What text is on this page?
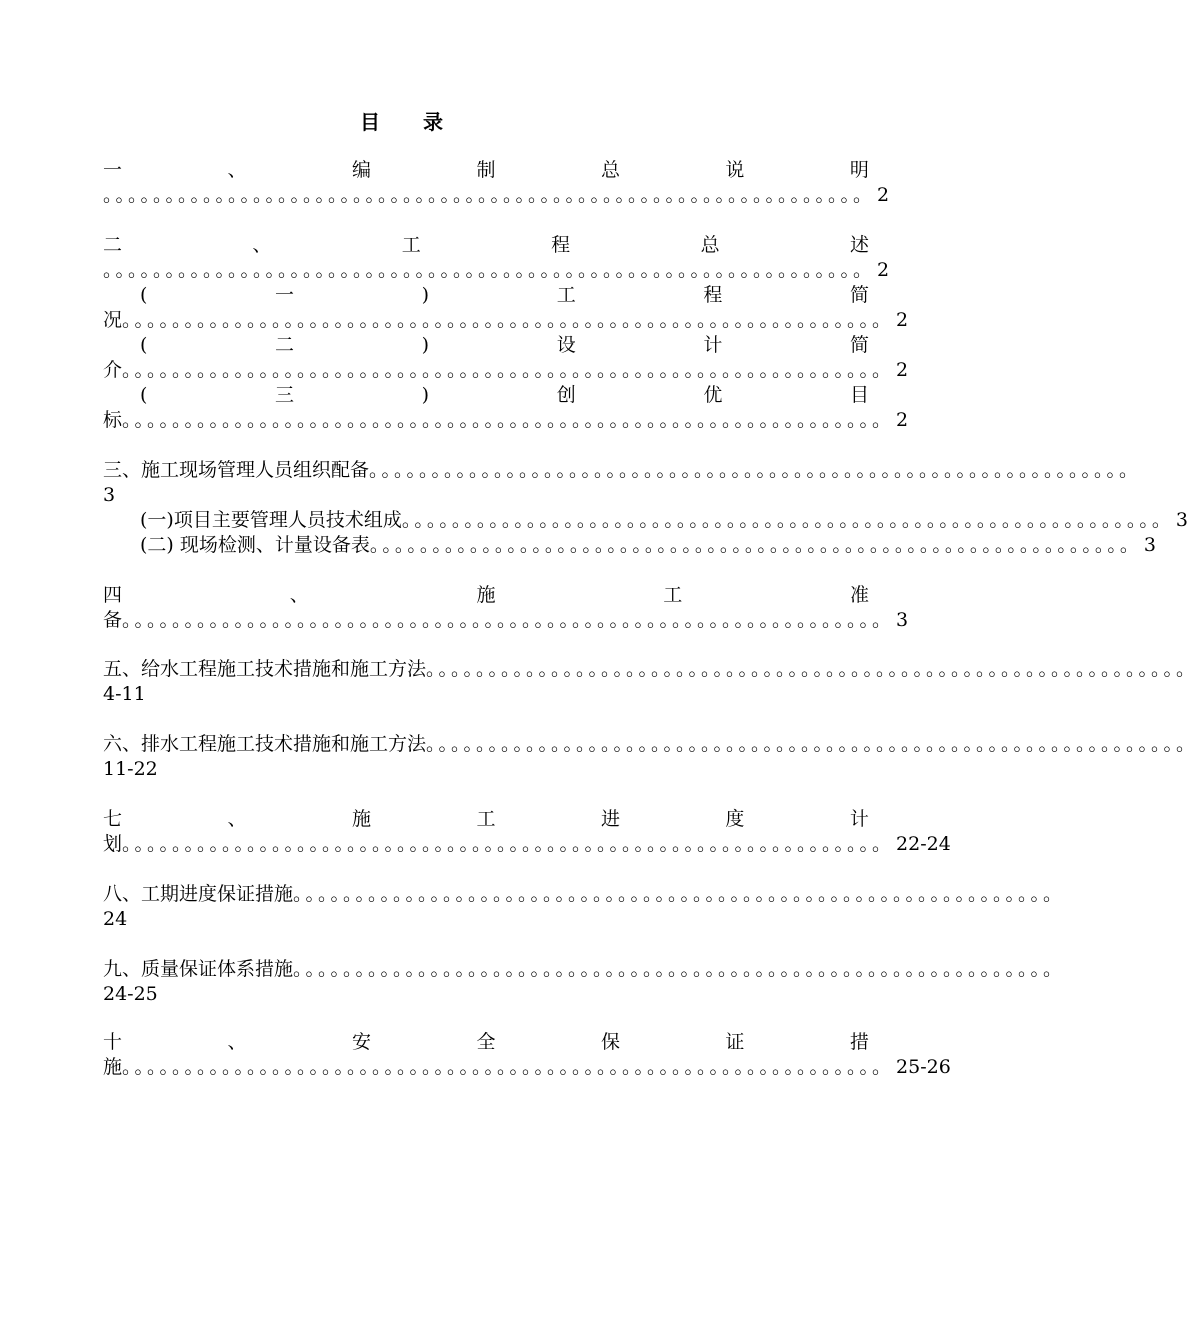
目 录
一	、	编	制	总	说	明
。。。。。。。。。。。。。。。。。。。。。。。。。。。。。。。。。。。。。。。。。。。。。。。。。。。。。。。。。。。。。 2
二	、	工	程	总	述
。。。。。。。。。。。。。。。。。。。。。。。。。。。。。。。。。。。。。。。。。。。。。。。。。。。。。。。。。。。。。 2
(	一	)	工	程	简
况 。。。。。。。。。。。。。。。。。。。。。。。。。。。。。。。。。。。。。。。。。。。。。。。。。。。。。。。。。。。。。 2
(	二	)	设	计	简
介 。。。。。。。。。。。。。。。。。。。。。。。。。。。。。。。。。。。。。。。。。。。。。。。。。。。。。。。。。。。。。 2
(	三	)	创	优	目
标 。。。。。。。。。。。。。。。。。。。。。。。。。。。。。。。。。。。。。。。。。。。。。。。。。。。。。。。。。。。。。 2
三、施工现场管理人员组织配备 。。。。。。。。。。。。。。。。。。。。。。。。。。。。。。。。。。。。。。。。。。。。。。。。。。。。。。。。。。。。。
3
(一)项目主要管理人员技术组成 。。。。。。。。。。。。。。。。。。。。。。。。。。。。。。。。。。。。。。。。。。。。。。。。。。。。。。。。。。。。。 3
(二) 现场检测、计量设备表 。。。。。。。。。。。。。。。。。。。。。。。。。。。。。。。。。。。。。。。。。。。。。。。。。。。。。。。。。。。。。 3
四	、	施	工	准
备 。。。。。。。。。。。。。。。。。。。。。。。。。。。。。。。。。。。。。。。。。。。。。。。。。。。。。。。。。。。。。 3
五、给水工程施工技术措施和施工方法 。。。。。。。。。。。。。。。。。。。。。。。。。。。。。。。。。。。。。。。。。。。。。。。。。。。。。。。。。。。。。
4-11
六、排水工程施工技术措施和施工方法 。。。。。。。。。。。。。。。。。。。。。。。。。。。。。。。。。。。。。。。。。。。。。。。。。。。。。。。。。。。。。
11-22
七	、	施	工	进	度	计
划 。。。。。。。。。。。。。。。。。。。。。。。。。。。。。。。。。。。。。。。。。。。。。。。。。。。。。。。。。。。。。 22-24
八、工期进度保证措施 。。。。。。。。。。。。。。。。。。。。。。。。。。。。。。。。。。。。。。。。。。。。。。。。。。。。。。。。。。。。。
24
九、质量保证体系措施 。。。。。。。。。。。。。。。。。。。。。。。。。。。。。。。。。。。。。。。。。。。。。。。。。。。。。。。。。。。。。
24-25
十	、	安	全	保	证	措
施 。。。。。。。。。。。。。。。。。。。。。。。。。。。。。。。。。。。。。。。。。。。。。。。。。。。。。。。。。。。。。 25-26
